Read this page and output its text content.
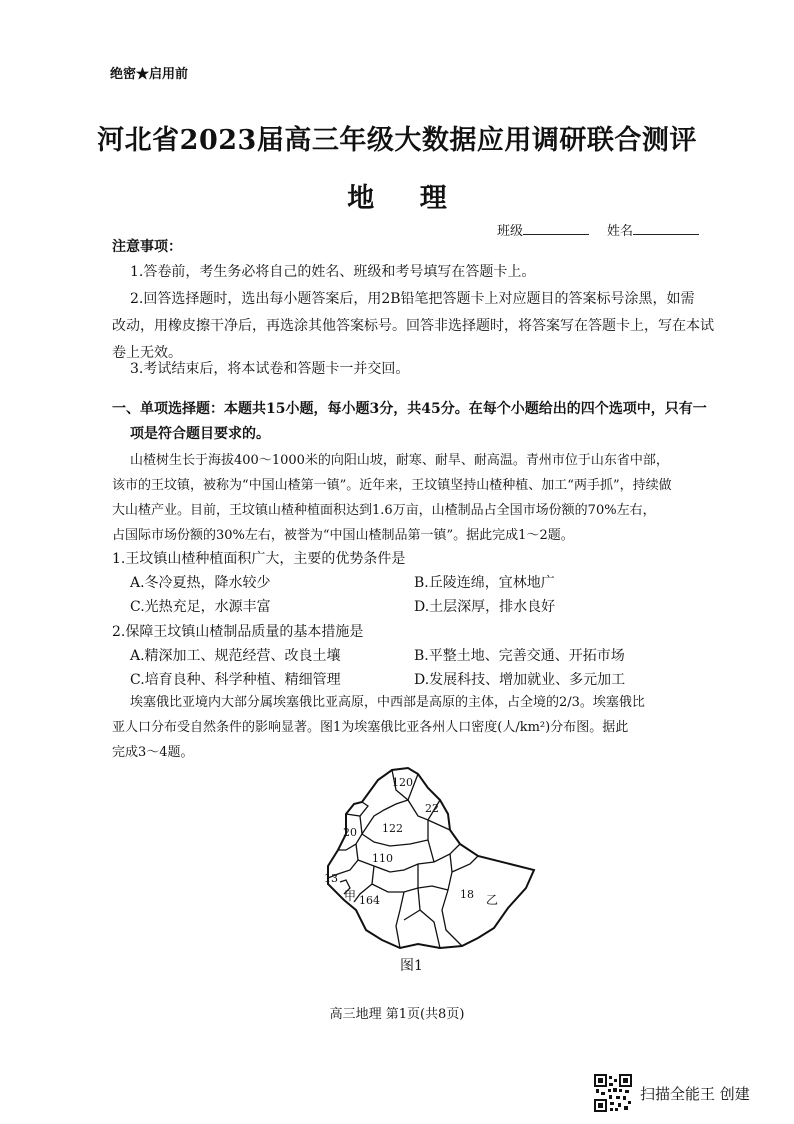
绝密★启用前
河北省2023届高三年级大数据应用调研联合测评
地 理
班级	姓名
注意事项：
1.答卷前，考生务必将自己的姓名、班级和考号填写在答题卡上。
2.回答选择题时，选出每小题答案后，用2B铅笔把答题卡上对应题目的答案标号涂黑，如需
改动，用橡皮擦干净后，再选涂其他答案标号。回答非选择题时，将答案写在答题卡上，写在本试
卷上无效。
3.考试结束后，将本试卷和答题卡一并交回。
一、单项选择题：本题共15小题，每小题3分，共45分。在每个小题给出的四个选项中，只有一
项是符合题目要求的。
山楂树生长于海拔400～1000米的向阳山坡，耐寒、耐旱、耐高温。青州市位于山东省中部，
该市的王坟镇，被称为“中国山楂第一镇”。近年来，王坟镇坚持山楂种植、加工“两手抓”，持续做
大山楂产业。目前，王坟镇山楂种植面积达到1.6万亩，山楂制品占全国市场份额的70%左右，
占国际市场份额的30%左右，被誉为“中国山楂制品第一镇”。据此完成1～2题。
1.王坟镇山楂种植面积广大，主要的优势条件是
A.冬冷夏热，降水较少	B.丘陵连绵，宜林地广
C.光热充足，水源丰富	D.土层深厚，排水良好
2.保障王坟镇山楂制品质量的基本措施是
A.精深加工、规范经营、改良土壤	B.平整土地、完善交通、开拓市场
C.培育良种、科学种植、精细管理	D.发展科技、增加就业、多元加工
埃塞俄比亚境内大部分属埃塞俄比亚高原，中西部是高原的主体，占全境的2/3。埃塞俄比
亚人口分布受自然条件的影响显著。图1为埃塞俄比亚各州人口密度(人/km²)分布图。据此
完成3～4题。
120
22
122
20
110
13
164	18
甲	乙
图1
高三地理 第1页(共8页)
扫描全能王 创建
